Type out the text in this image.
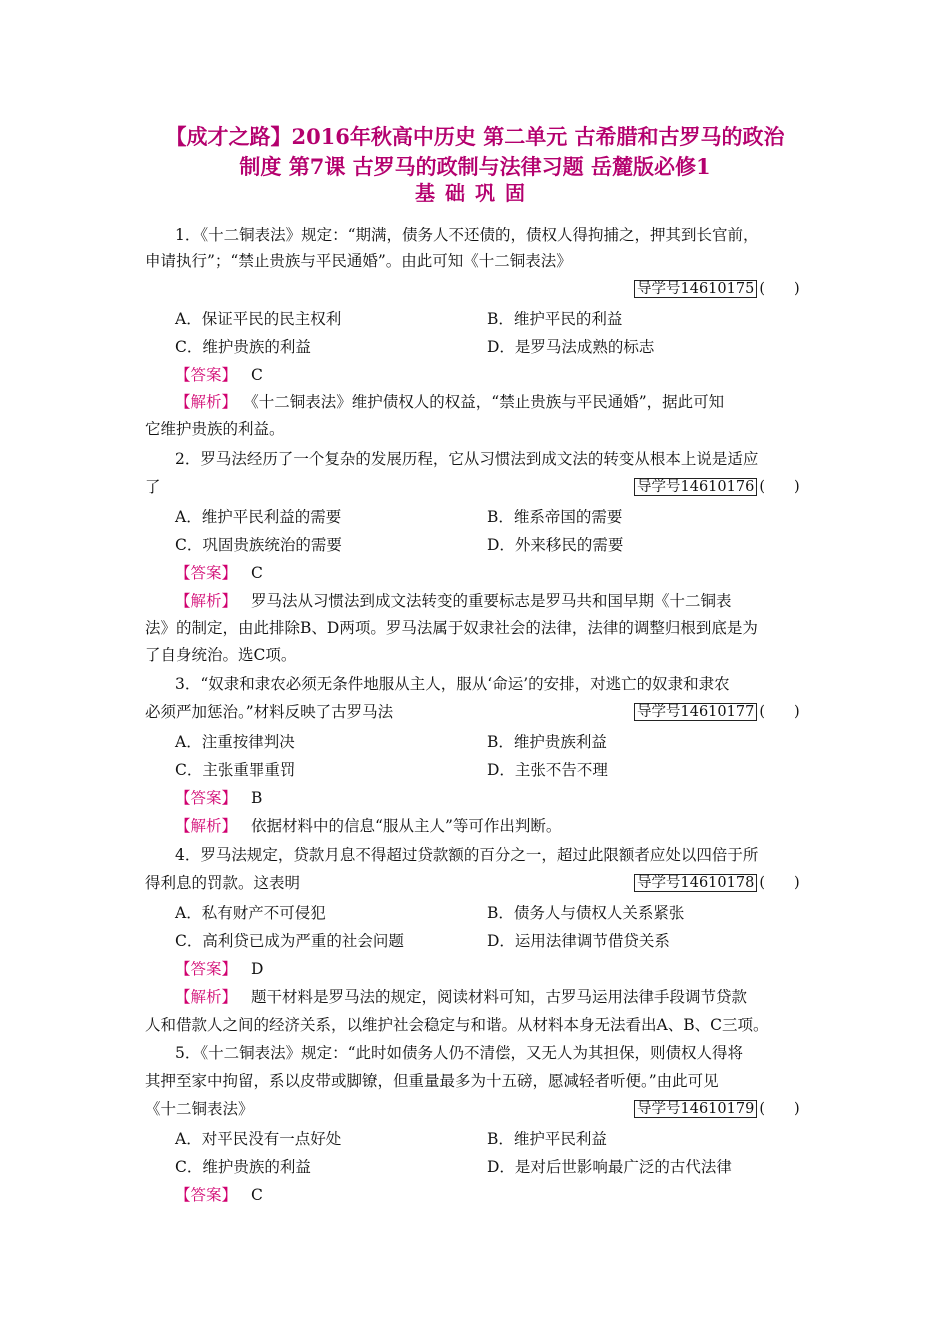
【成才之路】2016年秋高中历史 第二单元 古希腊和古罗马的政治
制度 第7课 古罗马的政制与法律习题 岳麓版必修1
基础巩固
1．《十二铜表法》规定：“期满，债务人不还债的，债权人得拘捕之，押其到长官前，
申请执行”；“禁止贵族与平民通婚”。由此可知《十二铜表法》
导学号14610175 (　　)
A．保证平民的民主权利	B．维护平民的利益
C．维护贵族的利益	D．是罗马法成熟的标志
【答案】 C
【解析】 《十二铜表法》维护债权人的权益，“禁止贵族与平民通婚”，据此可知
它维护贵族的利益。
2．罗马法经历了一个复杂的发展历程，它从习惯法到成文法的转变从根本上说是适应
了	导学号14610176 (　　)
A．维护平民利益的需要	B．维系帝国的需要
C．巩固贵族统治的需要	D．外来移民的需要
【答案】 C
【解析】 罗马法从习惯法到成文法转变的重要标志是罗马共和国早期《十二铜表
法》的制定，由此排除B、D两项。罗马法属于奴隶社会的法律，法律的调整归根到底是为
了自身统治。选C项。
3．“奴隶和隶农必须无条件地服从主人，服从‘命运’的安排，对逃亡的奴隶和隶农
必须严加惩治。”材料反映了古罗马法	导学号14610177 (　　)
A．注重按律判决	B．维护贵族利益
C．主张重罪重罚	D．主张不告不理
【答案】 B
【解析】 依据材料中的信息“服从主人”等可作出判断。
4．罗马法规定，贷款月息不得超过贷款额的百分之一，超过此限额者应处以四倍于所
得利息的罚款。这表明	导学号14610178 (　　)
A．私有财产不可侵犯	B．债务人与债权人关系紧张
C．高利贷已成为严重的社会问题	D．运用法律调节借贷关系
【答案】 D
【解析】 题干材料是罗马法的规定，阅读材料可知，古罗马运用法律手段调节贷款
人和借款人之间的经济关系，以维护社会稳定与和谐。从材料本身无法看出A、B、C三项。
5．《十二铜表法》规定：“此时如债务人仍不清偿，又无人为其担保，则债权人得将
其押至家中拘留，系以皮带或脚镣，但重量最多为十五磅，愿减轻者听便。”由此可见
《十二铜表法》	导学号14610179 (　　)
A．对平民没有一点好处	B．维护平民利益
C．维护贵族的利益	D．是对后世影响最广泛的古代法律
【答案】 C
